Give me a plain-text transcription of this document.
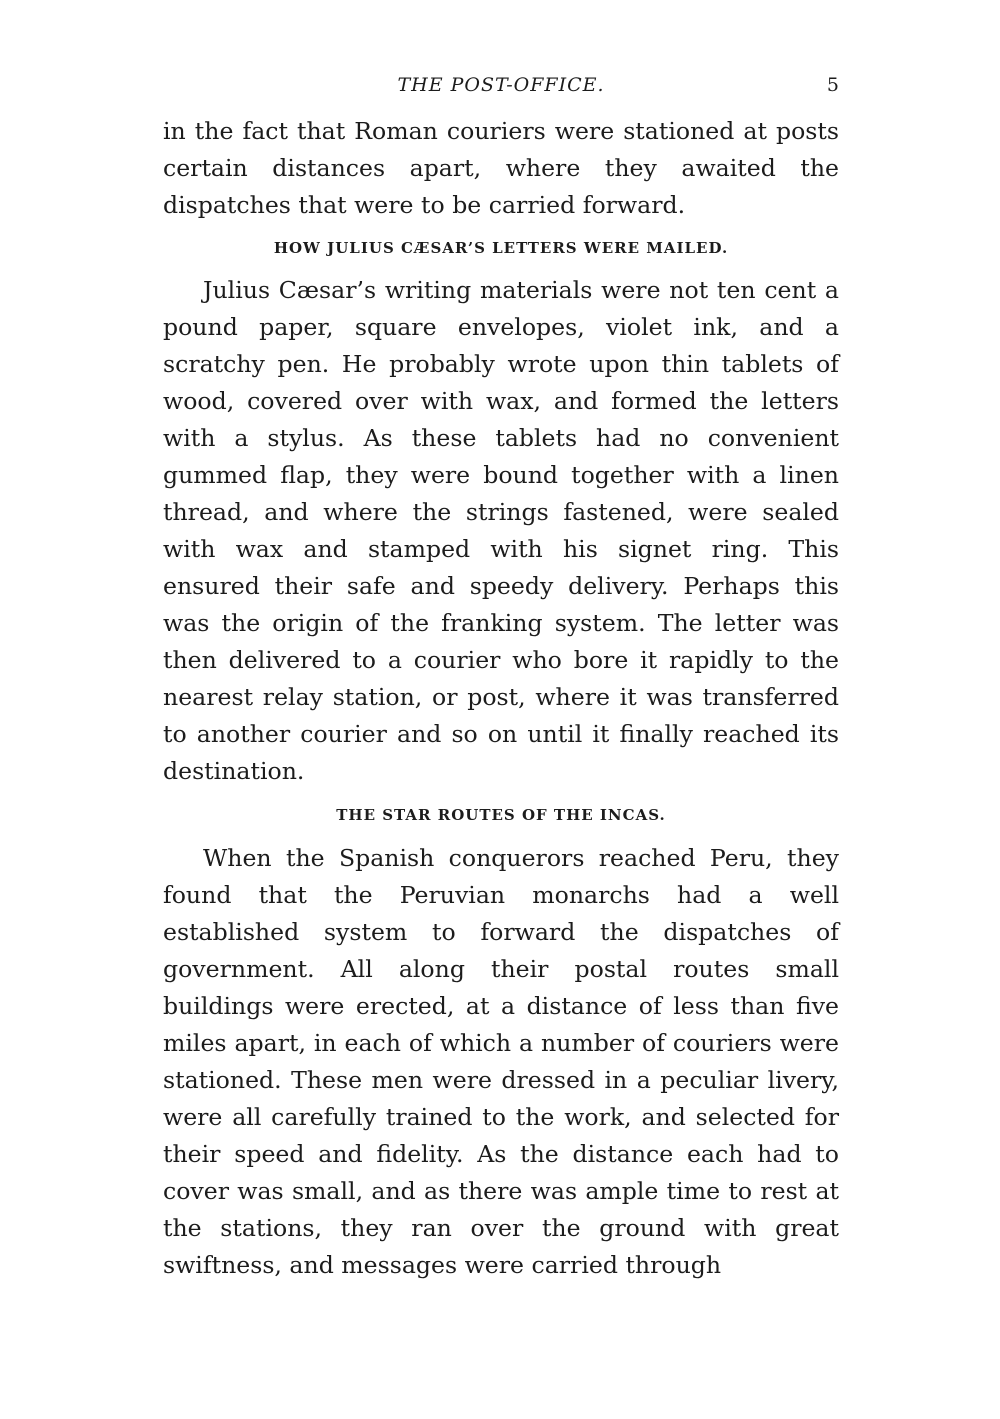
THE POST-OFFICE.	5

in the fact that Roman couriers were stationed at posts certain distances apart, where they awaited the dispatches that were to be carried forward.

HOW JULIUS CÆSAR’S LETTERS WERE MAILED.

Julius Cæsar’s writing materials were not ten cent a pound paper, square envelopes, violet ink, and a scratchy pen. He probably wrote upon thin tablets of wood, covered over with wax, and formed the letters with a stylus. As these tablets had no convenient gummed flap, they were bound together with a linen thread, and where the strings fastened, were sealed with wax and stamped with his signet ring. This ensured their safe and speedy delivery. Perhaps this was the origin of the franking system. The letter was then delivered to a courier who bore it rapidly to the nearest relay station, or post, where it was transferred to another courier and so on until it finally reached its destination.

THE STAR ROUTES OF THE INCAS.

When the Spanish conquerors reached Peru, they found that the Peruvian monarchs had a well established system to forward the dispatches of government. All along their postal routes small buildings were erected, at a distance of less than five miles apart, in each of which a number of couriers were stationed. These men were dressed in a peculiar livery, were all carefully trained to the work, and selected for their speed and fidelity. As the distance each had to cover was small, and as there was ample time to rest at the stations, they ran over the ground with great swiftness, and messages were carried through
